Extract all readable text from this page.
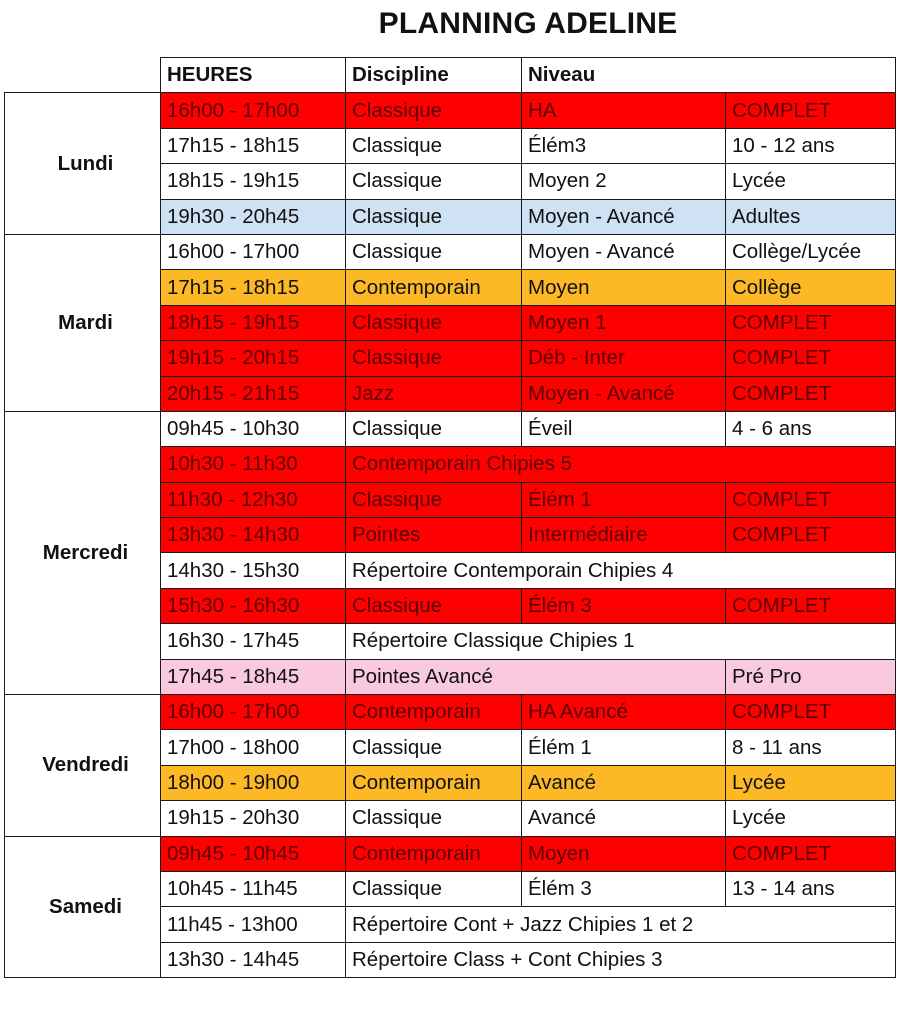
PLANNING ADELINE
	HEURES	Discipline	Niveau	
Lundi	16h00 - 17h00	Classique	HA	COMPLET
	17h15 - 18h15	Classique	Élém3	10 - 12 ans
	18h15 - 19h15	Classique	Moyen 2	Lycée
	19h30 - 20h45	Classique	Moyen - Avancé	Adultes
Mardi	16h00 - 17h00	Classique	Moyen - Avancé	Collège/Lycée
	17h15 - 18h15	Contemporain	Moyen	Collège
	18h15 - 19h15	Classique	Moyen 1	COMPLET
	19h15 - 20h15	Classique	Déb - Inter	COMPLET
	20h15 - 21h15	Jazz	Moyen - Avancé	COMPLET
Mercredi	09h45 - 10h30	Classique	Éveil	4 - 6 ans
	10h30 - 11h30	Contemporain Chipies 5		
	11h30 - 12h30	Classique	Élém 1	COMPLET
	13h30 - 14h30	Pointes	Intermédiaire	COMPLET
	14h30 - 15h30	Répertoire Contemporain Chipies 4		
	15h30 - 16h30	Classique	Élém 3	COMPLET
	16h30 - 17h45	Répertoire Classique Chipies 1		
	17h45 - 18h45	Pointes Avancé		Pré Pro
Vendredi	16h00 - 17h00	Contemporain	HA Avancé	COMPLET
	17h00 - 18h00	Classique	Élém 1	8 - 11 ans
	18h00 - 19h00	Contemporain	Avancé	Lycée
	19h15 - 20h30	Classique	Avancé	Lycée
Samedi	09h45 - 10h45	Contemporain	Moyen	COMPLET
	10h45 - 11h45	Classique	Élém 3	13 - 14 ans
	11h45 - 13h00	Répertoire Cont + Jazz Chipies 1 et 2		
	13h30 - 14h45	Répertoire Class + Cont Chipies 3		
